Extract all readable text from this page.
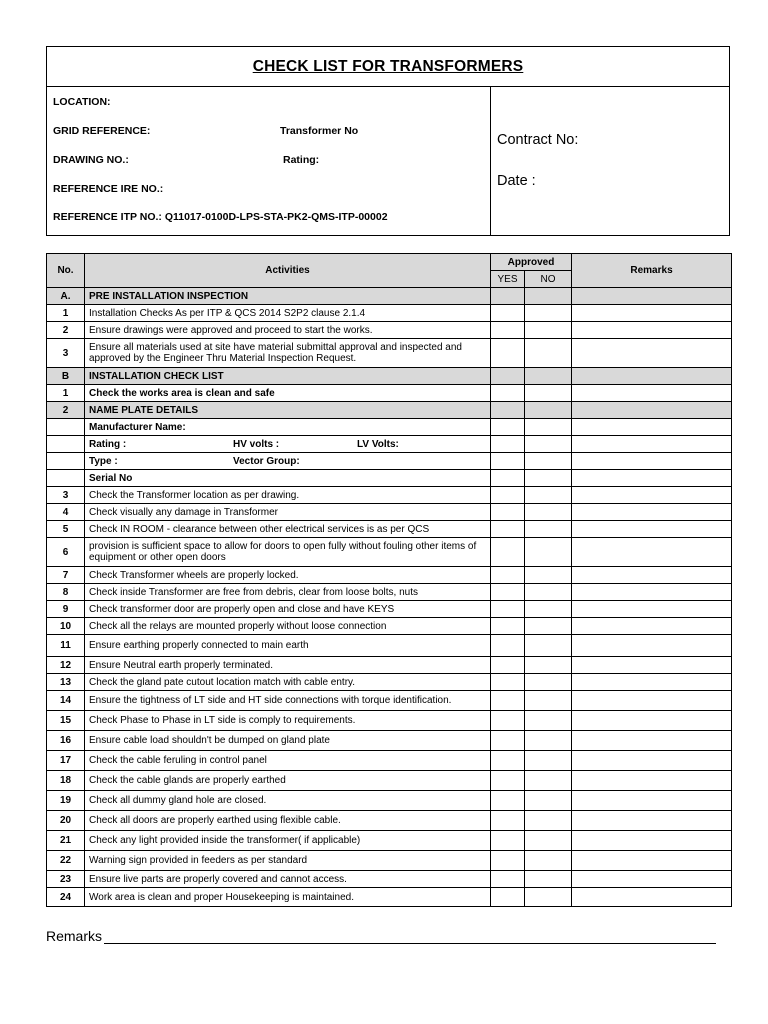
CHECK LIST FOR TRANSFORMERS
LOCATION:
GRID REFERENCE:	Transformer No
DRAWING NO.:	Rating:
REFERENCE IRE NO.:
REFERENCE ITP NO.: Q11017-0100D-LPS-STA-PK2-QMS-ITP-00002
Contract No:
Date :
No.	Activities	Approved		Remarks
		YES	NO	
A.	PRE INSTALLATION INSPECTION			
1	Installation Checks As per ITP & QCS 2014 S2P2 clause 2.1.4			
2	Ensure drawings were approved and proceed to start the works.			
3	Ensure all materials used at site have material submittal approval and inspected and approved by the Engineer Thru Material Inspection Request.			
B	INSTALLATION CHECK LIST			
1	Check the works area is clean and safe			
2	NAME PLATE DETAILS			
	Manufacturer Name:			

	Rating : HV volts : LV Volts:			

	Type : Vector Group:			

	Serial No			
3	Check the Transformer location as per drawing.			
4	Check visually any damage in Transformer			
5	Check IN ROOM - clearance between other electrical services is as per QCS			
6	provision is sufficient space to allow for doors to open fully without fouling other items of equipment or other open doors			
7	Check Transformer wheels are properly locked.			
8	Check inside Transformer are free from debris, clear from loose bolts, nuts			
9	Check transformer door are properly open and close and have KEYS			
10	Check all the relays are mounted properly without loose connection			
11	Ensure earthing properly connected to main earth			
12	Ensure Neutral earth properly terminated.			
13	Check the gland pate cutout location match with cable entry.			
14	Ensure the tightness of LT side and HT side connections with torque identification.			
15	Check Phase to Phase in LT side is comply to requirements.			
16	Ensure cable load shouldn't be dumped on gland plate			
17	Check the cable feruling in control panel			
18	Check the cable glands are properly earthed			
19	Check all dummy gland hole are closed.			
20	Check all doors are properly earthed using flexible cable.			
21	Check any light provided inside the transformer( if applicable)			
22	Warning sign provided in feeders as per standard			
23	Ensure live parts are properly covered and cannot access.			
24	Work area is clean and proper Housekeeping is maintained.			
Remarks
